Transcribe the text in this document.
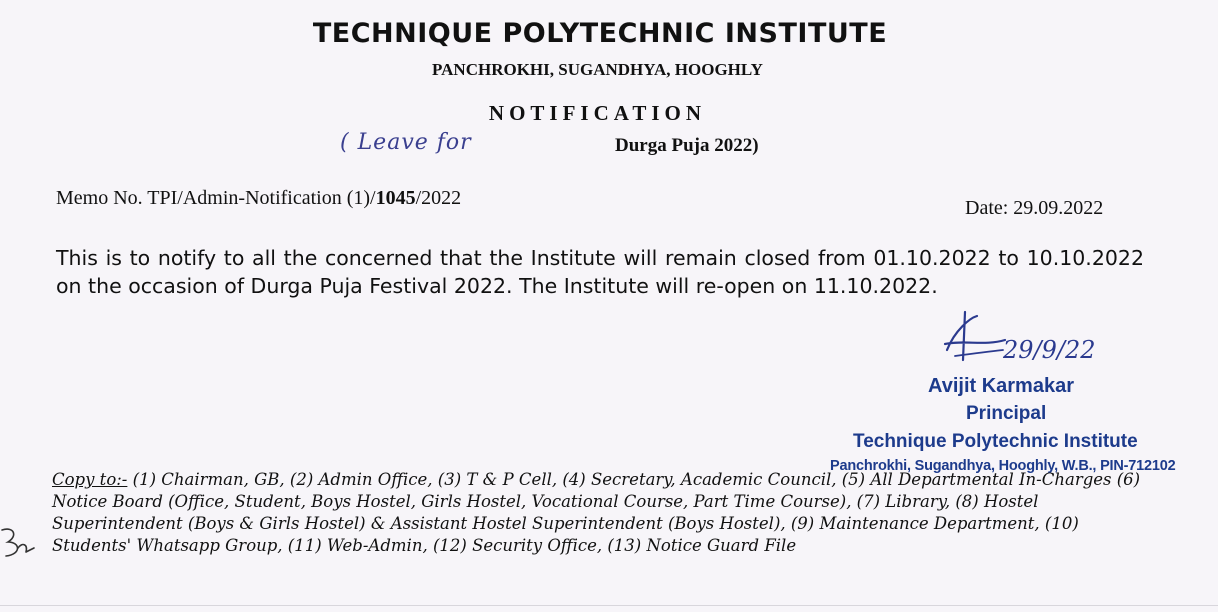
TECHNIQUE POLYTECHNIC INSTITUTE
PANCHROKHI, SUGANDHYA, HOOGHLY
NOTIFICATION
( Leave for	Durga Puja 2022)
Memo No. TPI/Admin-Notification (1)/1045/2022	Date: 29.09.2022
This is to notify to all the concerned that the Institute will remain closed from 01.10.2022 to 10.10.2022 on the occasion of Durga Puja Festival 2022. The Institute will re-open on 11.10.2022.
29/9/22
Avijit Karmakar
Principal
Technique Polytechnic Institute
Panchrokhi, Sugandhya, Hooghly, W.B., PIN-712102
Copy to:- (1) Chairman, GB, (2) Admin Office, (3) T & P Cell, (4) Secretary, Academic Council, (5) All Departmental In-Charges (6) Notice Board (Office, Student, Boys Hostel, Girls Hostel, Vocational Course, Part Time Course), (7) Library, (8) Hostel Superintendent (Boys & Girls Hostel) & Assistant Hostel Superintendent (Boys Hostel), (9) Maintenance Department, (10) Students' Whatsapp Group, (11) Web-Admin, (12) Security Office, (13) Notice Guard File
